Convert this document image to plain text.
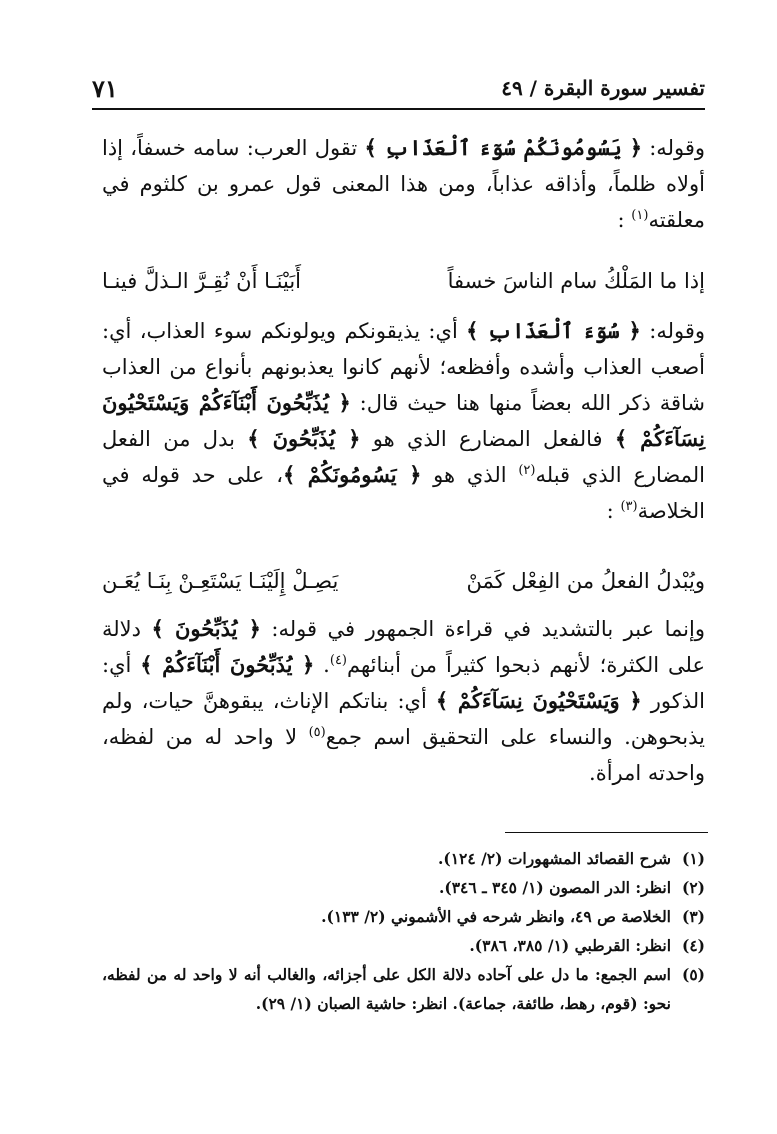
تفسير سورة البقرة / ٤٩
٧١
وقوله: ﴿ يَسُومُونَكُمْ سُوٓءَ ٱلْعَذَابِ ﴾ تقول العرب: سامه خسفاً، إذا أولاه ظلماً، وأذاقه عذاباً، ومن هذا المعنى قول عمرو بن كلثوم في معلقته$^{(١)}$ :
إذا ما المَلْكُ سام الناسَ خسفاً
أَبَيْنَـا أَنْ نُقِـرَّ الـذلَّ فينـا
وقوله: ﴿ سُوٓءَ ٱلْعَذَابِ ﴾ أي: يذيقونكم ويولونكم سوء العذاب، أي: أصعب العذاب وأشده وأفظعه؛ لأنهم كانوا يعذبونهم بأنواع من العذاب شاقة ذكر الله بعضاً منها هنا حيث قال: ﴿ يُذَبِّحُونَ أَبْنَآءَكُمْ وَيَسْتَحْيُونَ نِسَآءَكُمْ ﴾ فالفعل المضارع الذي هو ﴿ يُذَبِّحُونَ ﴾ بدل من الفعل المضارع الذي قبله$^{(٢)}$ الذي هو ﴿ يَسُومُونَكُمْ ﴾، على حد قوله في الخلاصة$^{(٣)}$ :
ويُبْدلُ الفعلُ من الفِعْل كَمَنْ
يَصِـلْ إِلَيْنَـا يَسْتَعِـنْ بِنَـا يُعَـن
وإنما عبر بالتشديد في قراءة الجمهور في قوله: ﴿ يُذَبِّحُونَ ﴾ دلالة على الكثرة؛ لأنهم ذبحوا كثيراً من أبنائهم$^{(٤)}$. ﴿ يُذَبِّحُونَ أَبْنَآءَكُمْ ﴾ أي: الذكور ﴿ وَيَسْتَحْيُونَ نِسَآءَكُمْ ﴾ أي: بناتكم الإناث، يبقوهنَّ حيات، ولم يذبحوهن. والنساء على التحقيق اسم جمع$^{(٥)}$ لا واحد له من لفظه، واحدته امرأة.
(١)
شرح القصائد المشهورات (٢/ ١٢٤).
(٢)
انظر: الدر المصون (١/ ٣٤٥ ـ ٣٤٦).
(٣)
الخلاصة ص ٤٩، وانظر شرحه في الأشموني (٢/ ١٣٣).
(٤)
انظر: القرطبي (١/ ٣٨٥، ٣٨٦).
(٥)
اسم الجمع: ما دل على آحاده دلالة الكل على أجزائه، والغالب أنه لا واحد له من لفظه، نحو: (قوم، رهط، طائفة، جماعة). انظر: حاشية الصبان (١/ ٢٩).
